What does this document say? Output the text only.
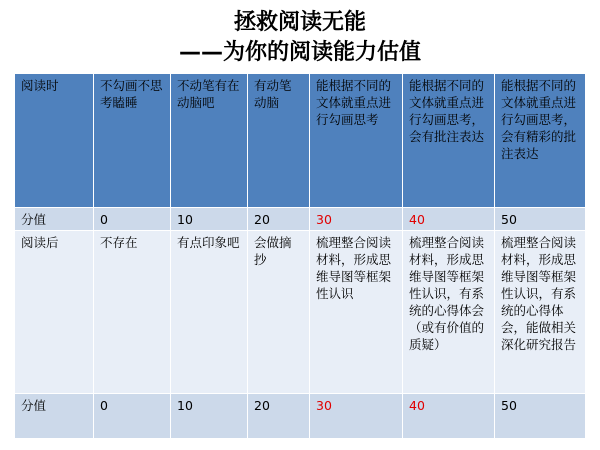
拯救阅读无能
——为你的阅读能力估值
阅读时	不勾画不思考瞌睡	不动笔有在动脑吧	有动笔动脑	能根据不同的文体就重点进行勾画思考	能根据不同的文体就重点进行勾画思考，会有批注表达	能根据不同的文体就重点进行勾画思考，会有精彩的批注表达
分值	0	10	20	30	40	50
阅读后	不存在	有点印象吧	会做摘抄	梳理整合阅读材料，形成思维导图等框架性认识	梳理整合阅读材料，形成思维导图等框架性认识，有系统的心得体会（或有价值的质疑）	梳理整合阅读材料，形成思维导图等框架性认识，有系统的心得体会，能做相关深化研究报告
分值	0	10	20	30	40	50
